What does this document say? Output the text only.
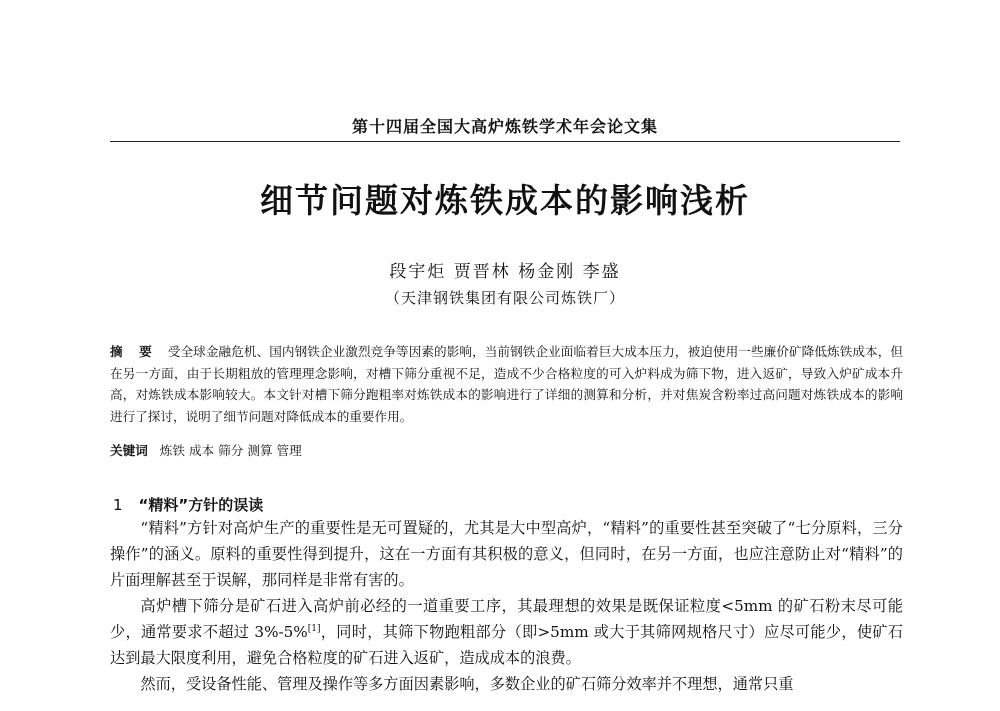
第十四届全国大高炉炼铁学术年会论文集
细节问题对炼铁成本的影响浅析
段宇炬 贾晋林 杨金刚 李盛
（天津钢铁集团有限公司炼铁厂）
摘 要 受全球金融危机、国内钢铁企业激烈竞争等因素的影响，当前钢铁企业面临着巨大成本压力，被迫使用一些廉价矿降低炼铁成本，但在另一方面，由于长期粗放的管理理念影响，对槽下筛分重视不足，造成不少合格粒度的可入炉料成为筛下物，进入返矿，导致入炉矿成本升高，对炼铁成本影响较大。本文针对槽下筛分跑粗率对炼铁成本的影响进行了详细的测算和分析，并对焦炭含粉率过高问题对炼铁成本的影响进行了探讨，说明了细节问题对降低成本的重要作用。
关键词 炼铁 成本 筛分 测算 管理
1 “精料”方针的误读

“精料”方针对高炉生产的重要性是无可置疑的，尤其是大中型高炉，“精料”的重要性甚至突破了“七分原料，三分操作”的涵义。原料的重要性得到提升，这在一方面有其积极的意义，但同时，在另一方面，也应注意防止对“精料”的片面理解甚至于误解，那同样是非常有害的。

高炉槽下筛分是矿石进入高炉前必经的一道重要工序，其最理想的效果是既保证粒度<5mm 的矿石粉末尽可能少，通常要求不超过 3%-5%[1]，同时，其筛下物跑粗部分（即>5mm 或大于其筛网规格尺寸）应尽可能少，使矿石达到最大限度利用，避免合格粒度的矿石进入返矿，造成成本的浪费。

然而，受设备性能、管理及操作等多方面因素影响，多数企业的矿石筛分效率并不理想，通常只重
